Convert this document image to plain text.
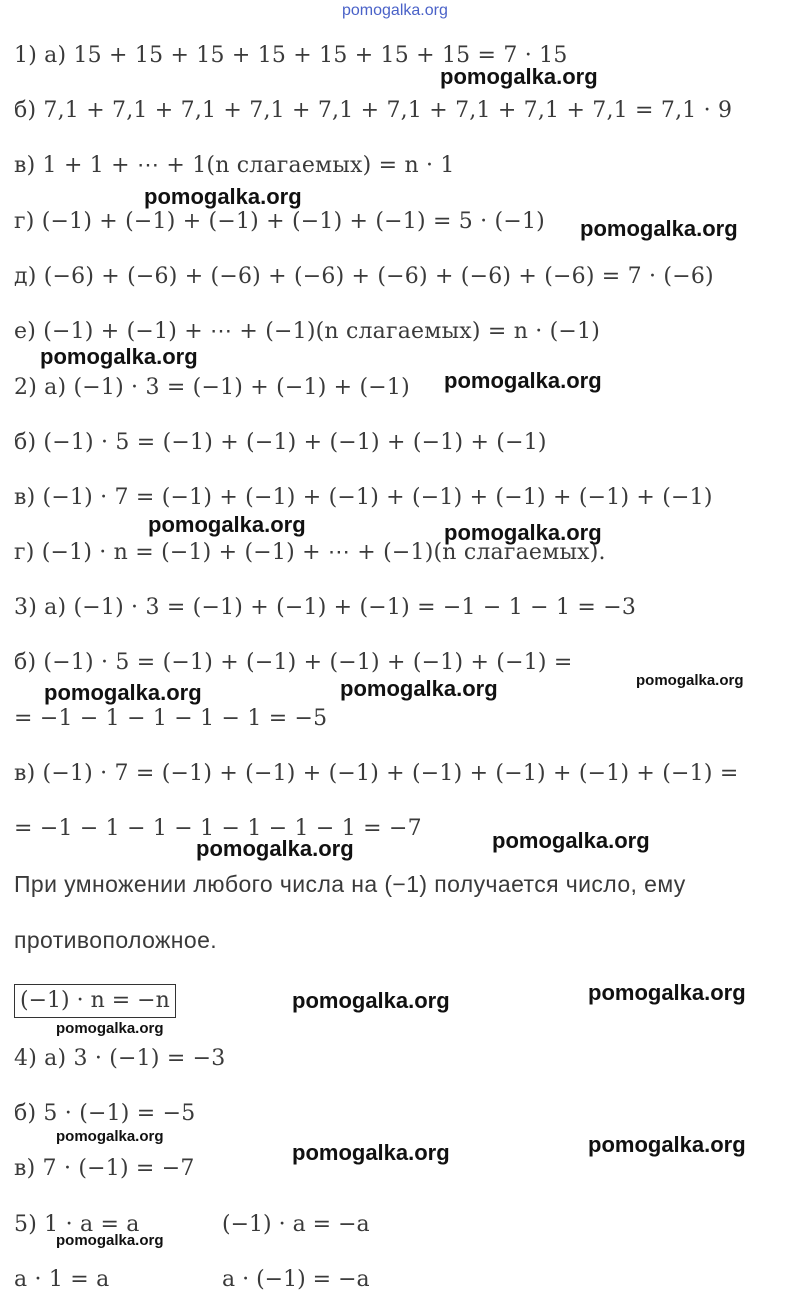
pomogalka.org
1) а) 15 + 15 + 15 + 15 + 15 + 15 + 15 = 7 · 15
б) 7,1 + 7,1 + 7,1 + 7,1 + 7,1 + 7,1 + 7,1 + 7,1 + 7,1 = 7,1 · 9
в) 1 + 1 + ⋯ + 1(n слагаемых) = n · 1
г) (−1) + (−1) + (−1) + (−1) + (−1) = 5 · (−1)
д) (−6) + (−6) + (−6) + (−6) + (−6) + (−6) + (−6) = 7 · (−6)
е) (−1) + (−1) + ⋯ + (−1)(n слагаемых) = n · (−1)
2) а) (−1) · 3 = (−1) + (−1) + (−1)
б) (−1) · 5 = (−1) + (−1) + (−1) + (−1) + (−1)
в) (−1) · 7 = (−1) + (−1) + (−1) + (−1) + (−1) + (−1) + (−1)
г) (−1) · n = (−1) + (−1) + ⋯ + (−1)(n слагаемых).
3) а) (−1) · 3 = (−1) + (−1) + (−1) = −1 − 1 − 1 = −3
б) (−1) · 5 = (−1) + (−1) + (−1) + (−1) + (−1) =
= −1 − 1 − 1 − 1 − 1 = −5
в) (−1) · 7 = (−1) + (−1) + (−1) + (−1) + (−1) + (−1) + (−1) =
= −1 − 1 − 1 − 1 − 1 − 1 − 1 = −7
При умножении любого числа на (−1) получается число, ему
противоположное.
(−1) · n = −n
4) а) 3 · (−1) = −3
б) 5 · (−1) = −5
в) 7 · (−1) = −7
5) 1 · a = a	(−1) · a = −a
a · 1 = a	a · (−1) = −a
pomogalka.org
pomogalka.org
pomogalka.org
pomogalka.org
pomogalka.org
pomogalka.org	pomogalka.org
pomogalka.org	pomogalka.org	pomogalka.org
pomogalka.org	pomogalka.org
pomogalka.org	pomogalka.org
pomogalka.org
pomogalka.org
pomogalka.org	pomogalka.org
pomogalka.org
